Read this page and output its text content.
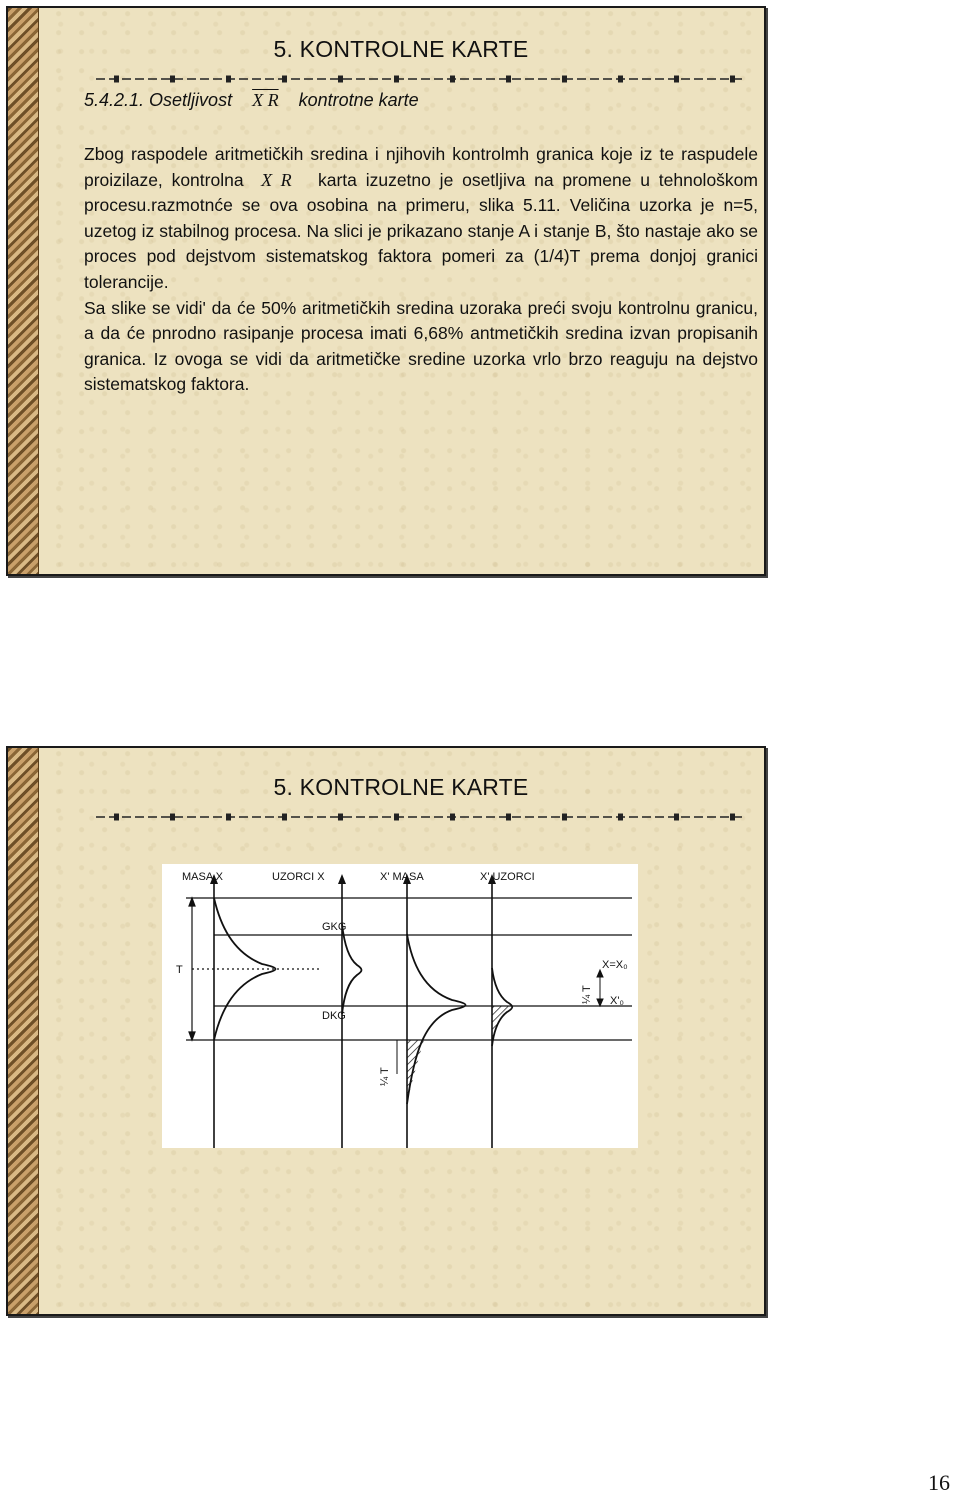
5. KONTROLNE KARTE
5.4.2.1. Osetljivost X R kontrotne karte

Zbog raspodele aritmetičkih sredina i njihovih kontrolmh granica koje iz te raspudele proizilaze, kontrolna X R karta izuzetno je osetljiva na promene u tehnološkom procesu.razmotnće se ova osobina na primeru, slika 5.11. Veličina uzorka je n=5, uzetog iz stabilnog procesa. Na slici je prikazano stanje A i stanje B, što nastaje ako se proces pod dejstvom sistematskog faktora pomeri za (1/4)T prema donjoj granici tolerancije.

Sa slike se vidi' da će 50% aritmetičkih sredina uzoraka preći svoju kontrolnu granicu, a da će pnrodno rasipanje procesa imati 6,68% antmetičkih sredina izvan propisanih granica. Iz ovoga se vidi da aritmetičke sredine uzorka vrlo brzo reaguju na dejstvo sistematskog faktora.

5. KONTROLNE KARTE
MASA X	UZORCI X	X' MASA	X' UZORCI
T
GKG
DKG
¼ T
X=X₀
X'₀
¼ T
16
